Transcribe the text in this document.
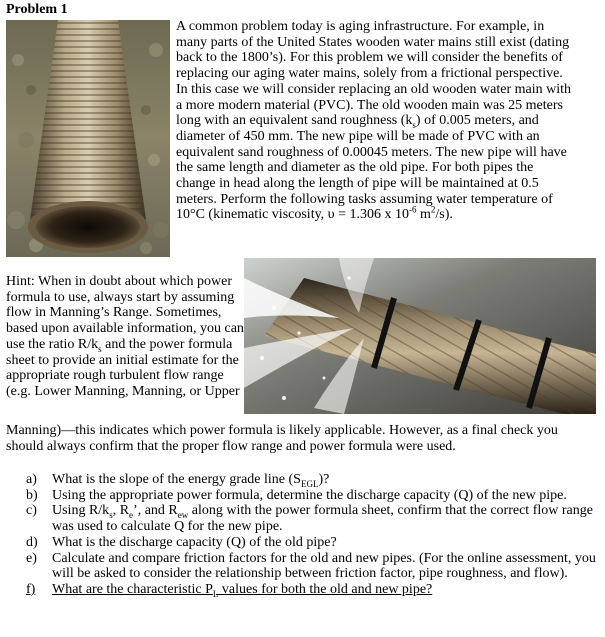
Problem 1
A common problem today is aging infrastructure. For example, in many parts of the United States wooden water mains still exist (dating back to the 1800’s). For this problem we will consider the benefits of replacing our aging water mains, solely from a frictional perspective. In this case we will consider replacing an old wooden water main with a more modern material (PVC). The old wooden main was 25 meters long with an equivalent sand roughness $(k_s)$ of 0.005 meters, and diameter of 450 mm. The new pipe will be made of PVC with an equivalent sand roughness of 0.00045 meters. The new pipe will have the same length and diameter as the old pipe. For both pipes the change in head along the length of pipe will be maintained at 0.5 meters. Perform the following tasks assuming water temperature of 10°C (kinematic viscosity, υ = 1.306 x $10^{-6}$ $m^2/s$).
Hint: When in doubt about which power formula to use, always start by assuming flow in Manning’s Range. Sometimes, based upon available information, you can use the ratio $R/k_s$ and the power formula sheet to provide an initial estimate for the appropriate rough turbulent flow range (e.g. Lower Manning, Manning, or Upper
Manning)—this indicates which power formula is likely applicable. However, as a final check you should always confirm that the proper flow range and power formula were used.
a) What is the slope of the energy grade line $(S_{EGL})$?
b) Using the appropriate power formula, determine the discharge capacity (Q) of the new pipe.
c) Using $R/k_s$, $R_e$’, and $R_{ew}$ along with the power formula sheet, confirm that the correct flow range was used to calculate Q for the new pipe.
d) What is the discharge capacity (Q) of the old pipe?
e) Calculate and compare friction factors for the old and new pipes. (For the online assessment, you will be asked to consider the relationship between friction factor, pipe roughness, and flow).
f) What are the characteristic $P_L$ values for both the old and new pipe?
